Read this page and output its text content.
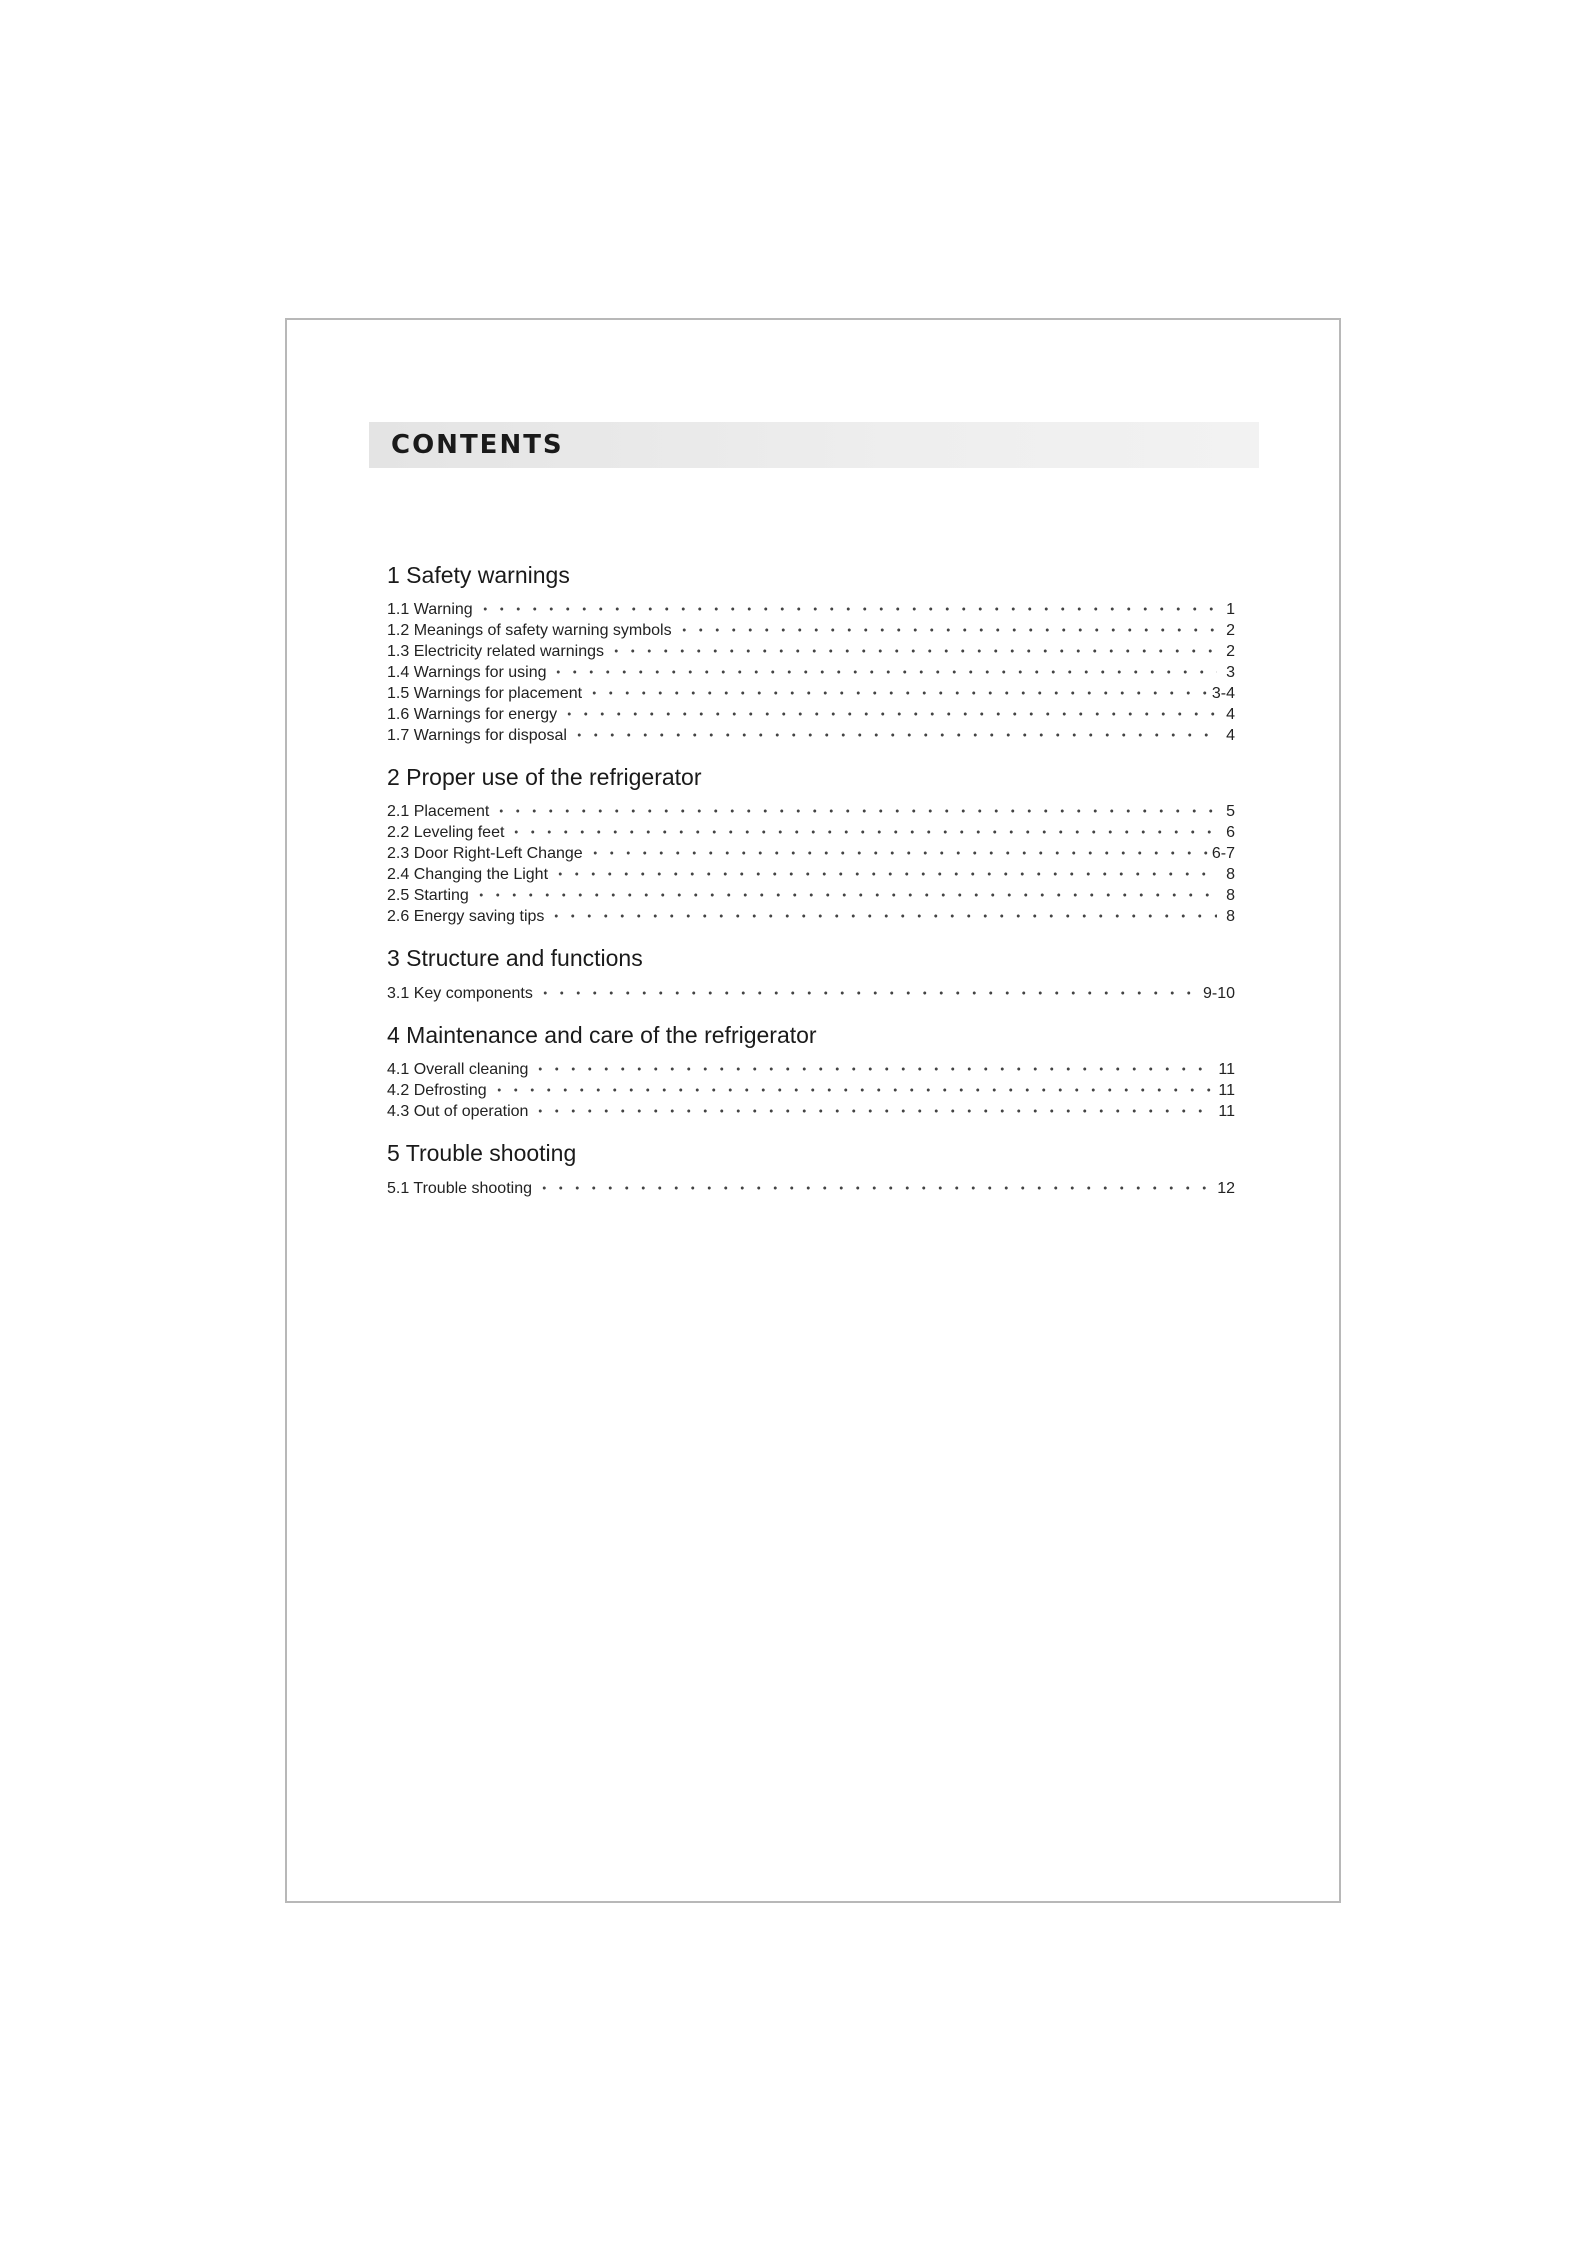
CONTENTS
1 Safety warnings
1.1 Warning	1
1.2 Meanings of safety warning symbols	2
1.3 Electricity related warnings	2
1.4 Warnings for using	3
1.5 Warnings for placement	3-4
1.6 Warnings for energy	4
1.7 Warnings for disposal	4
2 Proper use of the refrigerator
2.1 Placement	5
2.2 Leveling feet	6
2.3 Door Right-Left Change	6-7
2.4 Changing the Light	8
2.5 Starting	8
2.6 Energy saving tips	8
3 Structure and functions
3.1 Key components	9-10
4 Maintenance and care of the refrigerator
4.1 Overall cleaning	11
4.2 Defrosting	11
4.3 Out of operation	11
5 Trouble shooting
5.1 Trouble shooting	12
